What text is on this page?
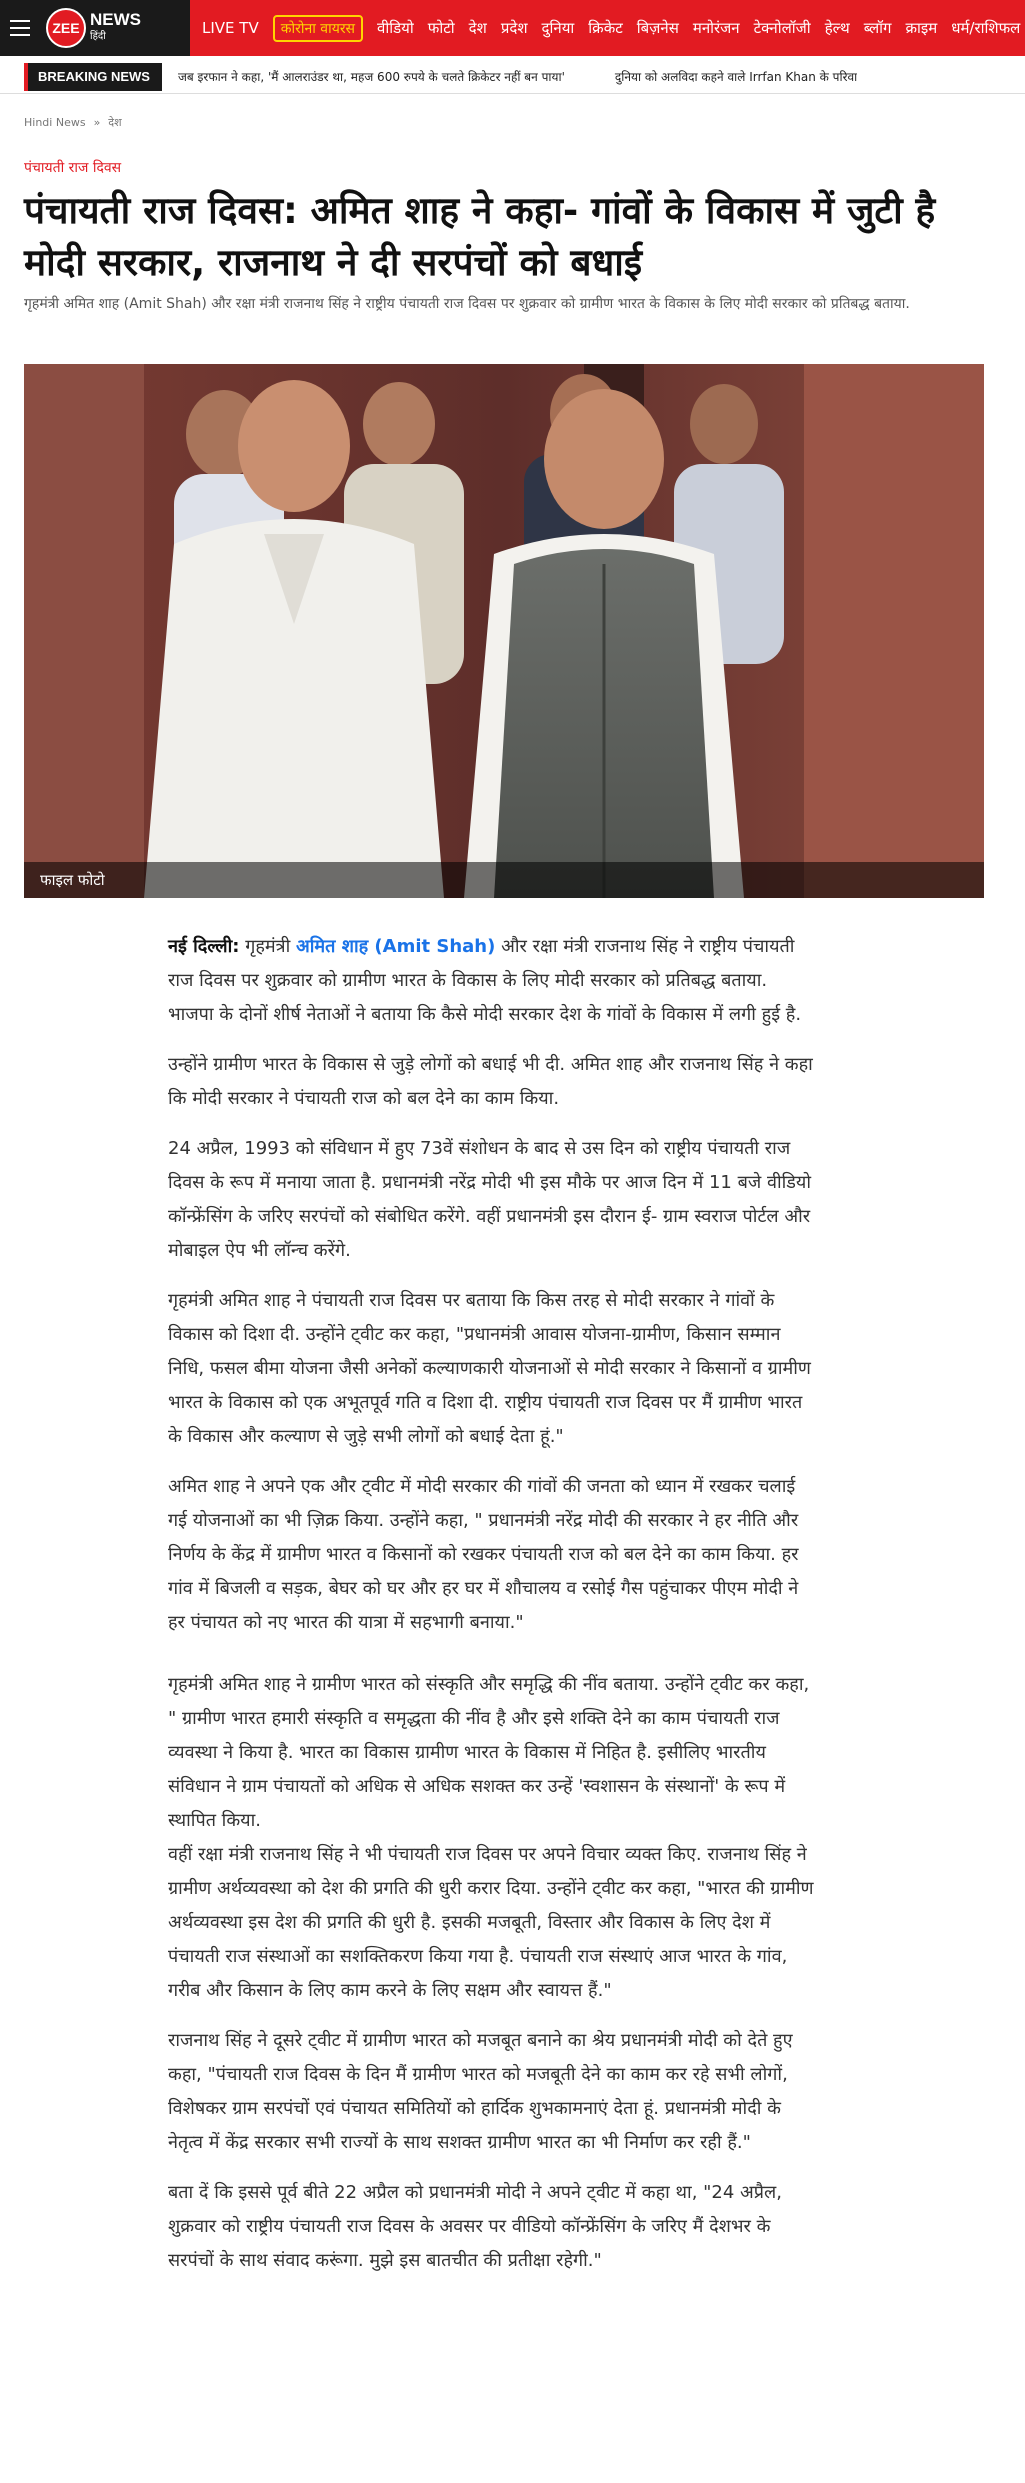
ZEE NEWS
हिंदी	LIVE TV	कोरोना वायरस	वीडियो फोटो देश प्रदेश दुनिया क्रिकेट बिज़नेस मनोरंजन टेक्नोलॉजी हेल्थ ब्लॉग क्राइम धर्म/राशिफल
BREAKING NEWS	जब इरफान ने कहा, 'मैं आलराउंडर था, महज 600 रुपये के चलते क्रिकेटर नहीं बन पाया'	दुनिया को अलविदा कहने वाले Irrfan Khan के परिवा
Hindi News » देश
पंचायती राज दिवस
पंचायती राज दिवस: अमित शाह ने कहा- गांवों के विकास में जुटी है मोदी सरकार, राजनाथ ने दी सरपंचों को बधाई

गृहमंत्री अमित शाह (Amit Shah) और रक्षा मंत्री राजनाथ सिंह ने राष्ट्रीय पंचायती राज दिवस पर शुक्रवार को ग्रामीण भारत के विकास के लिए मोदी सरकार को प्रतिबद्ध बताया.

फाइल फोटो

नई दिल्ली: गृहमंत्री अमित शाह (Amit Shah) और रक्षा मंत्री राजनाथ सिंह ने राष्ट्रीय पंचायती राज दिवस पर शुक्रवार को ग्रामीण भारत के विकास के लिए मोदी सरकार को प्रतिबद्ध बताया. भाजपा के दोनों शीर्ष नेताओं ने बताया कि कैसे मोदी सरकार देश के गांवों के विकास में लगी हुई है.

उन्होंने ग्रामीण भारत के विकास से जुड़े लोगों को बधाई भी दी. अमित शाह और राजनाथ सिंह ने कहा कि मोदी सरकार ने पंचायती राज को बल देने का काम किया.

24 अप्रैल, 1993 को संविधान में हुए 73वें संशोधन के बाद से उस दिन को राष्ट्रीय पंचायती राज दिवस के रूप में मनाया जाता है. प्रधानमंत्री नरेंद्र मोदी भी इस मौके पर आज दिन में 11 बजे वीडियो कॉन्फ्रेंसिंग के जरिए सरपंचों को संबोधित करेंगे. वहीं प्रधानमंत्री इस दौरान ई- ग्राम स्वराज पोर्टल और मोबाइल ऐप भी लॉन्च करेंगे.

गृहमंत्री अमित शाह ने पंचायती राज दिवस पर बताया कि किस तरह से मोदी सरकार ने गांवों के विकास को दिशा दी. उन्होंने ट्वीट कर कहा, "प्रधानमंत्री आवास योजना-ग्रामीण, किसान सम्मान निधि, फसल बीमा योजना जैसी अनेकों कल्याणकारी योजनाओं से मोदी सरकार ने किसानों व ग्रामीण भारत के विकास को एक अभूतपूर्व गति व दिशा दी. राष्ट्रीय पंचायती राज दिवस पर मैं ग्रामीण भारत के विकास और कल्याण से जुड़े सभी लोगों को बधाई देता हूं."

अमित शाह ने अपने एक और ट्वीट में मोदी सरकार की गांवों की जनता को ध्यान में रखकर चलाई गई योजनाओं का भी ज़िक्र किया. उन्होंने कहा, " प्रधानमंत्री नरेंद्र मोदी की सरकार ने हर नीति और निर्णय के केंद्र में ग्रामीण भारत व किसानों को रखकर पंचायती राज को बल देने का काम किया. हर गांव में बिजली व सड़क, बेघर को घर और हर घर में शौचालय व रसोई गैस पहुंचाकर पीएम मोदी ने हर पंचायत को नए भारत की यात्रा में सहभागी बनाया."

गृहमंत्री अमित शाह ने ग्रामीण भारत को संस्कृति और समृद्धि की नींव बताया. उन्होंने ट्वीट कर कहा, " ग्रामीण भारत हमारी संस्कृति व समृद्धता की नींव है और इसे शक्ति देने का काम पंचायती राज व्यवस्था ने किया है. भारत का विकास ग्रामीण भारत के विकास में निहित है. इसीलिए भारतीय संविधान ने ग्राम पंचायतों को अधिक से अधिक सशक्त कर उन्हें 'स्वशासन के संस्थानों' के रूप में स्थापित किया.
वहीं रक्षा मंत्री राजनाथ सिंह ने भी पंचायती राज दिवस पर अपने विचार व्यक्त किए. राजनाथ सिंह ने ग्रामीण अर्थव्यवस्था को देश की प्रगति की धुरी करार दिया. उन्होंने ट्वीट कर कहा, "भारत की ग्रामीण अर्थव्यवस्था इस देश की प्रगति की धुरी है. इसकी मजबूती, विस्तार और विकास के लिए देश में पंचायती राज संस्थाओं का सशक्तिकरण किया गया है. पंचायती राज संस्थाएं आज भारत के गांव, गरीब और किसान के लिए काम करने के लिए सक्षम और स्वायत्त हैं."

राजनाथ सिंह ने दूसरे ट्वीट में ग्रामीण भारत को मजबूत बनाने का श्रेय प्रधानमंत्री मोदी को देते हुए कहा, "पंचायती राज दिवस के दिन मैं ग्रामीण भारत को मजबूती देने का काम कर रहे सभी लोगों, विशेषकर ग्राम सरपंचों एवं पंचायत समितियों को हार्दिक शुभकामनाएं देता हूं. प्रधानमंत्री मोदी के नेतृत्व में केंद्र सरकार सभी राज्यों के साथ सशक्त ग्रामीण भारत का भी निर्माण कर रही हैं."

बता दें कि इससे पूर्व बीते 22 अप्रैल को प्रधानमंत्री मोदी ने अपने ट्वीट में कहा था, "24 अप्रैल, शुक्रवार को राष्ट्रीय पंचायती राज दिवस के अवसर पर वीडियो कॉन्फ्रेंसिंग के जरिए मैं देशभर के सरपंचों के साथ संवाद करूंगा. मुझे इस बातचीत की प्रतीक्षा रहेगी."
